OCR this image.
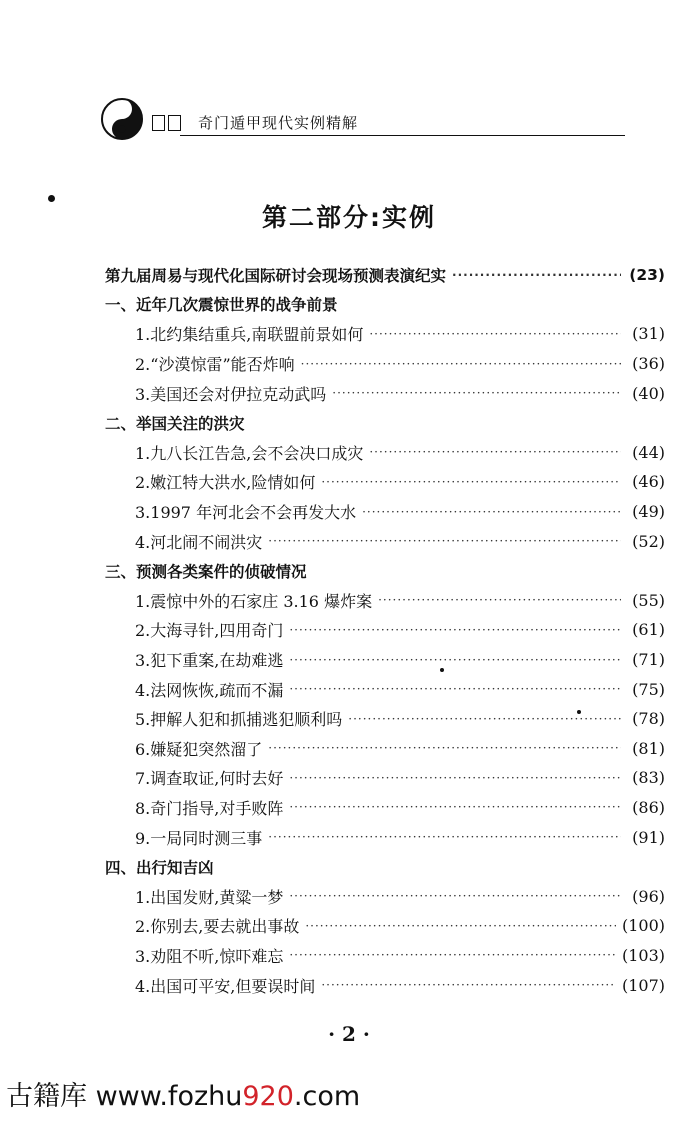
奇门遁甲现代实例精解
第二部分:实例
第九届周易与现代化国际研讨会现场预测表演纪实 ·····	(23)
一、近年几次震惊世界的战争前景
1.北约集结重兵,南联盟前景如何 ·····	(31)
2.“沙漠惊雷”能否炸响 ·····	(36)
3.美国还会对伊拉克动武吗 ·····	(40)
二、举国关注的洪灾
1.九八长江告急,会不会决口成灾 ·····	(44)
2.嫩江特大洪水,险情如何 ·····	(46)
3.1997 年河北会不会再发大水 ·····	(49)
4.河北闹不闹洪灾 ·····	(52)
三、预测各类案件的侦破情况
1.震惊中外的石家庄 3.16 爆炸案 ·····	(55)
2.大海寻针,四用奇门 ·····	(61)
3.犯下重案,在劫难逃 ·····	(71)
4.法网恢恢,疏而不漏 ·····	(75)
5.押解人犯和抓捕逃犯顺利吗 ·····	(78)
6.嫌疑犯突然溜了 ·····	(81)
7.调查取证,何时去好 ·····	(83)
8.奇门指导,对手败阵 ·····	(86)
9.一局同时测三事 ·····	(91)
四、出行知吉凶
1.出国发财,黄粱一梦 ·····	(96)
2.你别去,要去就出事故 ·····	(100)
3.劝阻不听,惊吓难忘 ·····	(103)
4.出国可平安,但要误时间 ·····	(107)
· 2 ·
古籍库 www.fozhu920.com
